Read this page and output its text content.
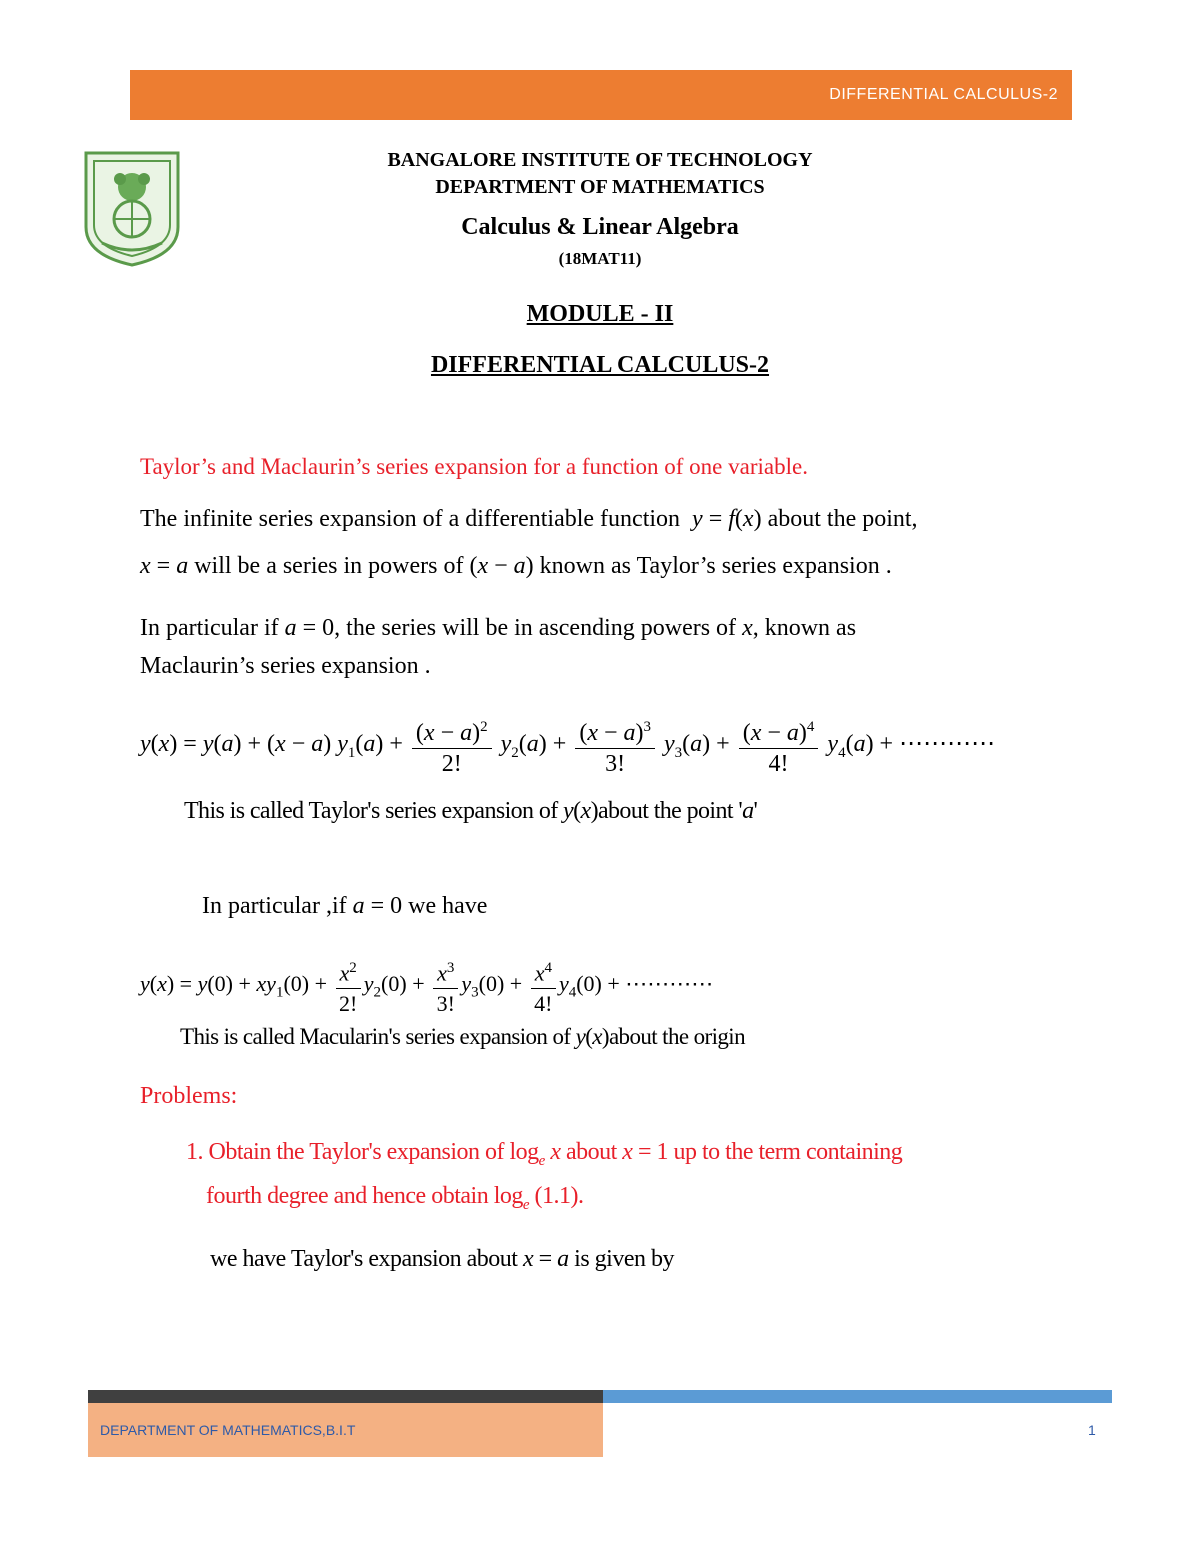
DIFFERENTIAL CALCULUS-2
BANGALORE INSTITUTE OF TECHNOLOGY
DEPARTMENT OF MATHEMATICS
Calculus & Linear Algebra
(18MAT11)
MODULE - II
DIFFERENTIAL CALCULUS-2
Taylor’s and Maclaurin’s series expansion for a function of one variable.
The infinite series expansion of a differentiable function  y = f(x) about the point,
x = a will be a series in powers of (x − a) known as Taylor’s series expansion .
In particular if a = 0, the series will be in ascending powers of x, known as
Maclaurin’s series expansion .
y(x) = y(a) + (x − a) $y_1(a) + \frac{(x - a)^2}{2!} y_2(a) + \frac{(x - a)^3}{3!} y_3(a) + \frac{(x - a)^4}{4!} y_4(a)$ + ⋯⋯⋯⋯
This is called Taylor's series expansion of y(x)about the point 'a'
In particular ,if a = 0 we have
$y(x) = y(0) + xy_1(0) + \frac{x^2}{2!} y_2(0) + \frac{x^3}{3!} y_3(0) + \frac{x^4}{4!} y_4(0)$ + ⋯⋯⋯⋯
This is called Macularin's series expansion of y(x)about the origin
Problems:
1. Obtain the Taylor's expansion of $\log_e x$ about x = 1 up to the term containing
fourth degree and hence obtain $\log_e (1.1)$.
we have Taylor's expansion about x = a is given by
DEPARTMENT OF MATHEMATICS,B.I.T	1
